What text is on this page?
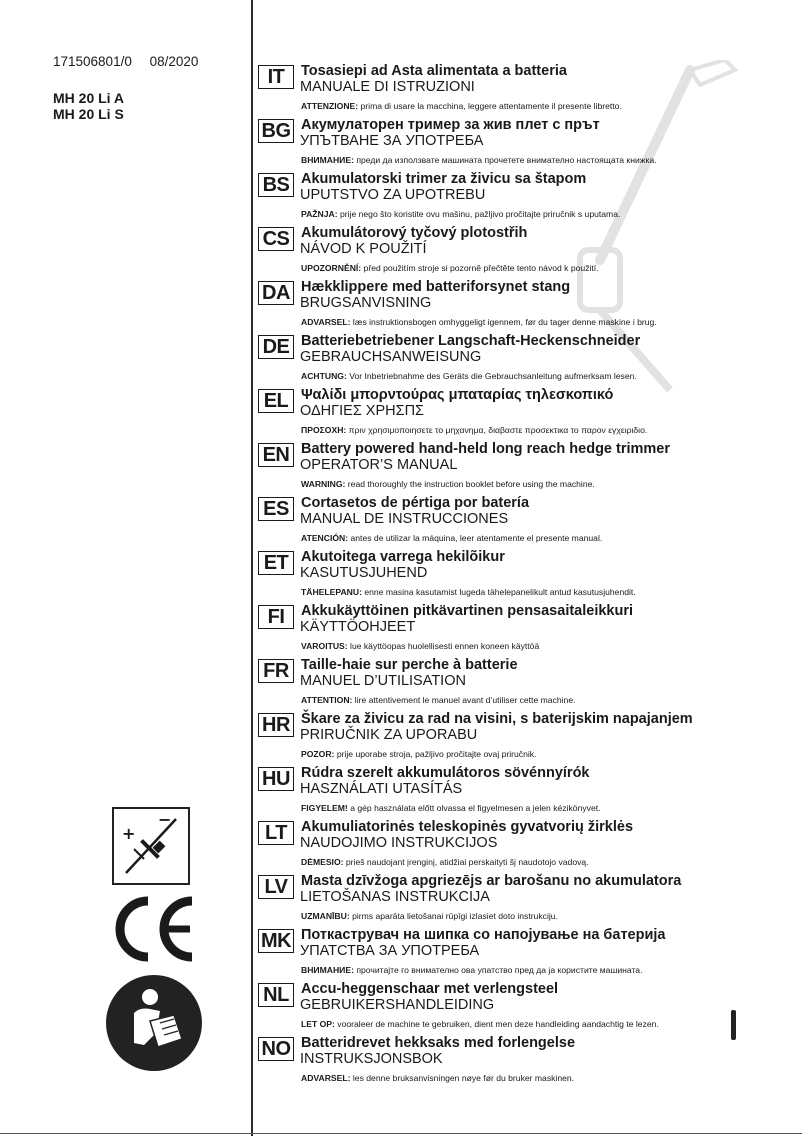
171506801/0 08/2020
MH 20 Li A
MH 20 Li S
IT	Tosasiepi ad Asta alimentata a batteria
MANUALE DI ISTRUZIONI
ATTENZIONE: prima di usare la macchina, leggere attentamente il presente libretto.
BG Акумулаторен тример за жив плет с прът
УПЪТВАНЕ ЗА УПОТРЕБА
ВНИМАНИЕ: преди да използвате машината прочетете внимателно настоящата книжка.
BS Akumulatorski trimer za živicu sa štapom
UPUTSTVO ZA UPOTREBU
PAŽNJA: prije nego što koristite ovu mašinu, pažljivo pročitajte priručnik s uputama.
CS Akumulátorový tyčový plotostřih
NÁVOD K POUŽITÍ
UPOZORNĚNÍ: před použitím stroje si pozorně přečtěte tento návod k použití.
DA Hækklippere med batteriforsynet stang
BRUGSANVISNING
ADVARSEL: læs instruktionsbogen omhyggeligt igennem, før du tager denne maskine i brug.
DE Batteriebetriebener Langschaft-Heckenschneider
GEBRAUCHSANWEISUNG
ACHTUNG: Vor Inbetriebnahme des Geräts die Gebrauchsanleitung aufmerksam lesen.
EL Ψαλίδι μπορντούρας μπαταρίας τηλεσκοπικό
ΟΔΗΓΙΕΣ ΧΡΗΣΠΣ
ΠΡΟΣΟΧΗ: πριν χρησιμοποιησετε το μηχανημα, διαβαστε προσεκτικα το παρον εγχειριδιο.
EN Battery powered hand-held long reach hedge trimmer
OPERATOR’S MANUAL
WARNING: read thoroughly the instruction booklet before using the machine.
ES Cortasetos de pértiga por batería
MANUAL DE INSTRUCCIONES
ATENCIÓN: antes de utilizar la máquina, leer atentamente el presente manual.
ET Akutoitega varrega hekilõikur
KASUTUSJUHEND
TÄHELEPANU: enne masina kasutamist lugeda tähelepanelikult antud kasutusjuhendit.
FI	Akkukäyttöinen pitkävartinen pensasaitaleikkuri
KÄYTTÖOHJEET
VAROITUS: lue käyttöopas huolellisesti ennen koneen käyttöä
FR Taille-haie sur perche à batterie
MANUEL D’UTILISATION
ATTENTION: lire attentivement le manuel avant d’utiliser cette machine.
HR Škare za živicu za rad na visini, s baterijskim napajanjem
PRIRUČNIK ZA UPORABU
POZOR: prije uporabe stroja, pažljivo pročitajte ovaj priručnik.
HU Rúdra szerelt akkumulátoros sövénnyírók
HASZNÁLATI UTASÍTÁS
FIGYELEM! a gép használata előtt olvassa el figyelmesen a jelen kézikönyvet.
LT Akumuliatorinės teleskopinės gyvatvorių žirklės
NAUDOJIMO INSTRUKCIJOS
DĖMESIO: prieš naudojant įrenginį, atidžiai perskaityti šį naudotojo vadovą.
LV Masta dzīvžoga apgriezējs ar barošanu no akumulatora
LIETOŠANAS INSTRUKCIJA
UZMANĪBU: pirms aparāta lietošanai rūpīgi izlasiet doto instrukciju.
MK Поткаструвач на шипка со напојување на батерија
УПАТСТВА ЗА УПОТРЕБА
ВНИМАНИЕ: прочитајте го внимателно ова упатство пред да ја користите машината.
NL Accu-heggenschaar met verlengsteel
GEBRUIKERSHANDLEIDING
LET OP: vooraleer de machine te gebruiken, dient men deze handleiding aandachtig te lezen.
NO Batteridrevet hekksaks med forlengelse
INSTRUKSJONSBOK
ADVARSEL: les denne bruksanvisningen nøye før du bruker maskinen.
+
−
